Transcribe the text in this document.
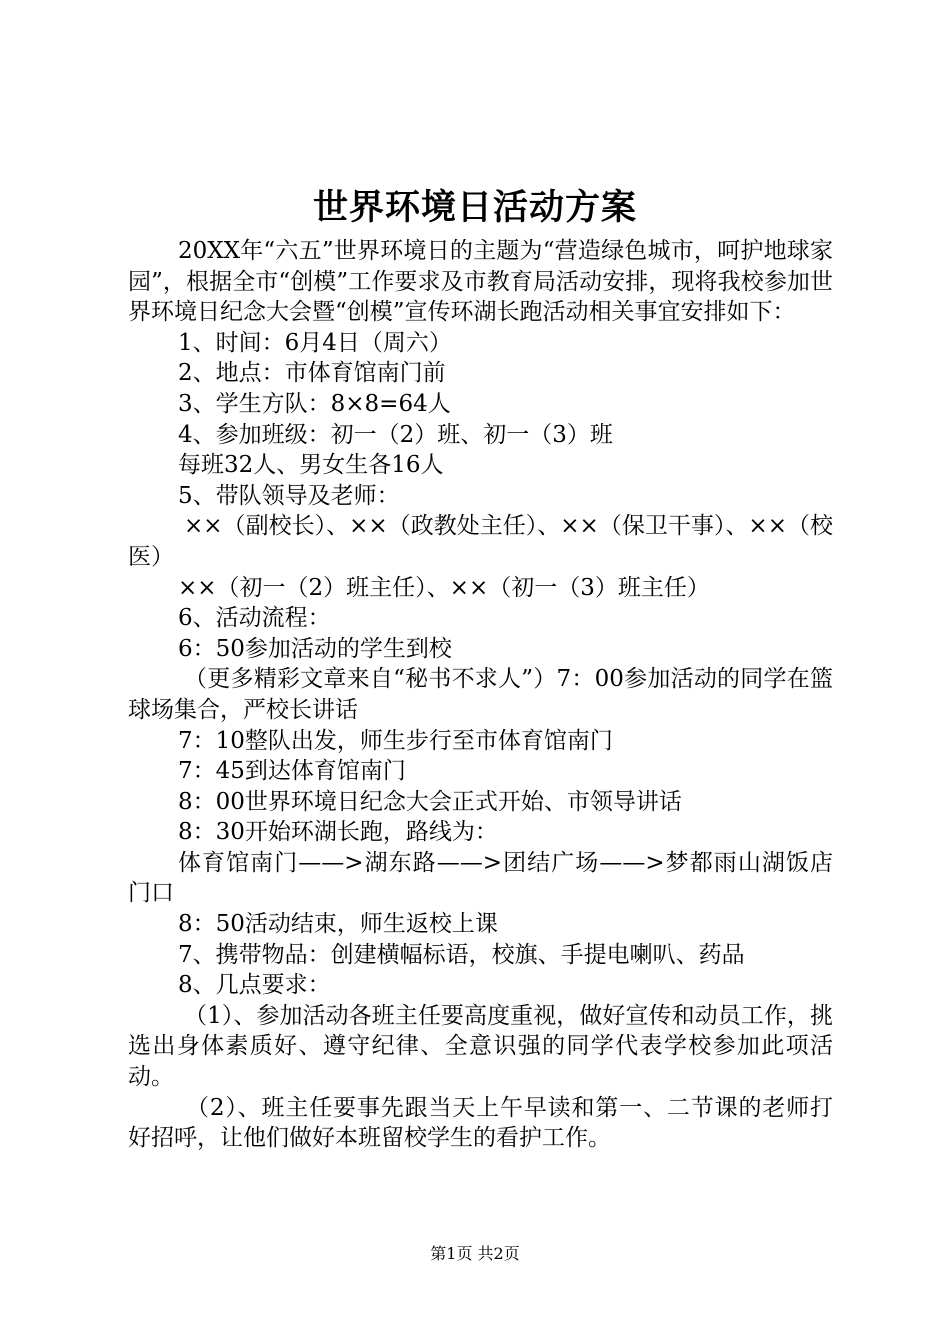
世界环境日活动方案

20XX年“六五”世界环境日的主题为“营造绿色城市，呵护地球家园”，根据全市“创模”工作要求及市教育局活动安排，现将我校参加世界环境日纪念大会暨“创模”宣传环湖长跑活动相关事宜安排如下：

1、时间：6月4日（周六）

2、地点：市体育馆南门前

3、学生方队：8×8=64人

4、参加班级：初一（2）班、初一（3）班

每班32人、男女生各16人

5、带队领导及老师：

××（副校长）、××（政教处主任）、××（保卫干事）、××（校医）

××（初一（2）班主任）、××（初一（3）班主任）

6、活动流程：

6：50参加活动的学生到校

（更多精彩文章来自“秘书不求人”）7：00参加活动的同学在篮球场集合，严校长讲话

7：10整队出发，师生步行至市体育馆南门

7：45到达体育馆南门

8：00世界环境日纪念大会正式开始、市领导讲话

8：30开始环湖长跑，路线为：

体育馆南门——>湖东路——>团结广场——>梦都雨山湖饭店门口

8：50活动结束，师生返校上课

7、携带物品：创建横幅标语，校旗、手提电喇叭、药品

8、几点要求：

（1）、参加活动各班主任要高度重视，做好宣传和动员工作，挑选出身体素质好、遵守纪律、全意识强的同学代表学校参加此项活动。

（2）、班主任要事先跟当天上午早读和第一、二节课的老师打好招呼，让他们做好本班留校学生的看护工作。

第1页 共2页
